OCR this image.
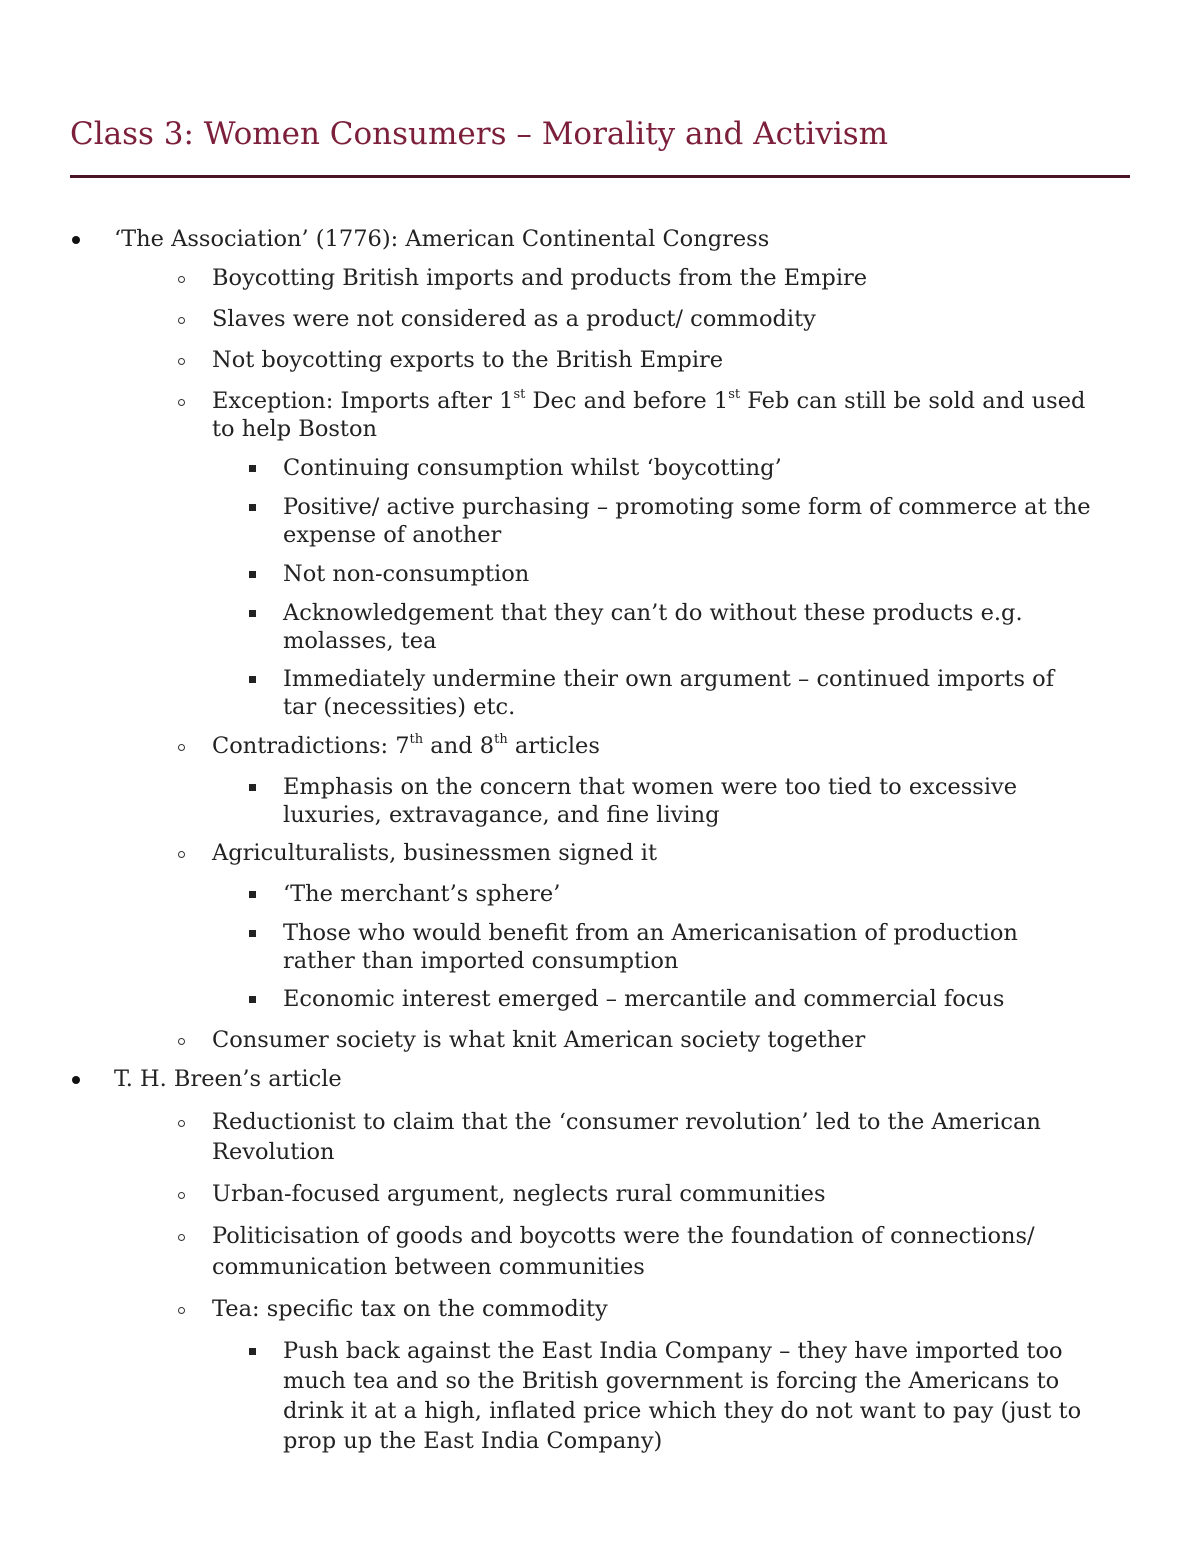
Class 3: Women Consumers – Morality and Activism
‘The Association’ (1776): American Continental Congress
Boycotting British imports and products from the Empire
Slaves were not considered as a product/ commodity
Not boycotting exports to the British Empire
Exception: Imports after 1st Dec and before 1st Feb can still be sold and used
to help Boston
Continuing consumption whilst ‘boycotting’
Positive/ active purchasing – promoting some form of commerce at the
expense of another
Not non-consumption
Acknowledgement that they can’t do without these products e.g.
molasses, tea
Immediately undermine their own argument – continued imports of
tar (necessities) etc.
Contradictions: 7th and 8th articles
Emphasis on the concern that women were too tied to excessive
luxuries, extravagance, and fine living
Agriculturalists, businessmen signed it
‘The merchant’s sphere’
Those who would benefit from an Americanisation of production
rather than imported consumption
Economic interest emerged – mercantile and commercial focus
Consumer society is what knit American society together
T. H. Breen’s article
Reductionist to claim that the ‘consumer revolution’ led to the American
Revolution
Urban-focused argument, neglects rural communities
Politicisation of goods and boycotts were the foundation of connections/
communication between communities
Tea: specific tax on the commodity
Push back against the East India Company – they have imported too
much tea and so the British government is forcing the Americans to
drink it at a high, inflated price which they do not want to pay (just to
prop up the East India Company)
